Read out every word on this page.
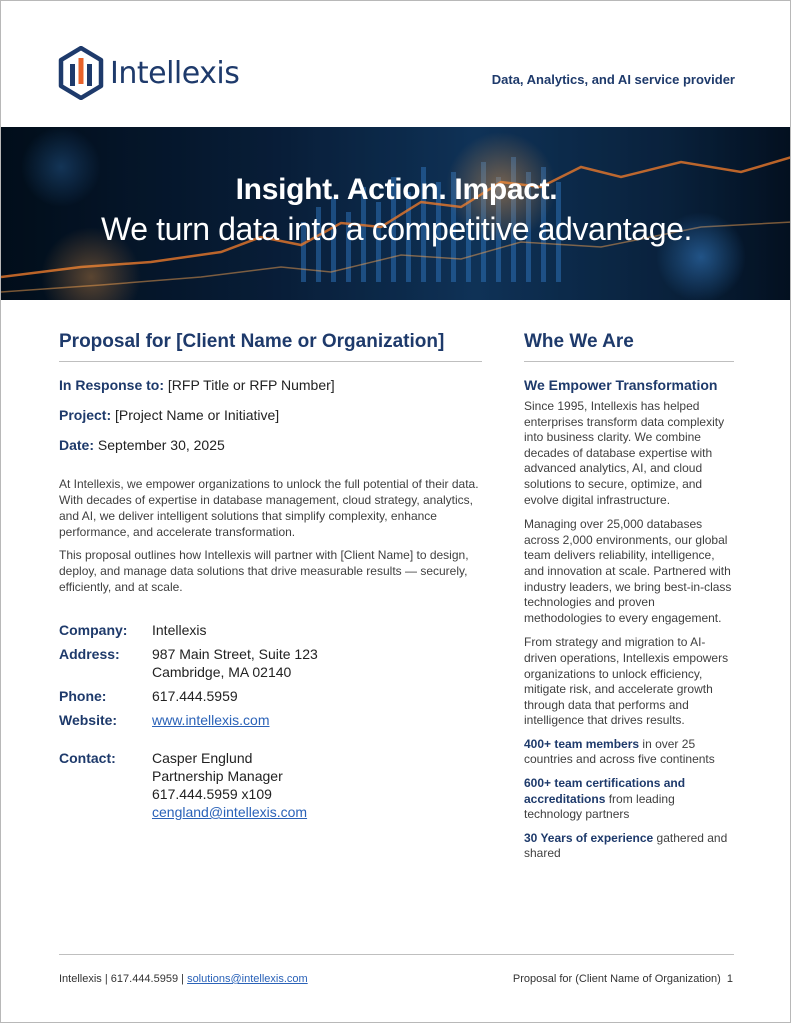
Intellexis	Data, Analytics, and AI service provider
Insight. Action. Impact.
We turn data into a competitive advantage.
Proposal for [Client Name or Organization]
In Response to: [RFP Title or RFP Number]
Project: [Project Name or Initiative]
Date: September 30, 2025

At Intellexis, we empower organizations to unlock the full potential of their data. With decades of expertise in database management, cloud strategy, analytics, and AI, we deliver intelligent solutions that simplify complexity, enhance performance, and accelerate transformation.

This proposal outlines how Intellexis will partner with [Client Name] to design, deploy, and manage data solutions that drive measurable results — securely, efficiently, and at scale.

Company:	Intellexis
Address:	987 Main Street, Suite 123
Cambridge, MA 02140
Phone:	617.444.5959
Website:	www.intellexis.com
Contact:	Casper Englund
Partnership Manager
617.444.5959 x109
cengland@intellexis.com
Whe We Are
We Empower Transformation

Since 1995, Intellexis has helped enterprises transform data complexity into business clarity. We combine decades of database expertise with advanced analytics, AI, and cloud solutions to secure, optimize, and evolve digital infrastructure.

Managing over 25,000 databases across 2,000 environments, our global team delivers reliability, intelligence, and innovation at scale. Partnered with industry leaders, we bring best-in-class technologies and proven methodologies to every engagement.

From strategy and migration to AI-driven operations, Intellexis empowers organizations to unlock efficiency, mitigate risk, and accelerate growth through data that performs and intelligence that drives results.

400+ team members in over 25 countries and across five continents

600+ team certifications and accreditations from leading technology partners

30 Years of experience gathered and shared

Intellexis | 617.444.5959 | solutions@intellexis.com	Proposal for (Client Name of Organization) 1
